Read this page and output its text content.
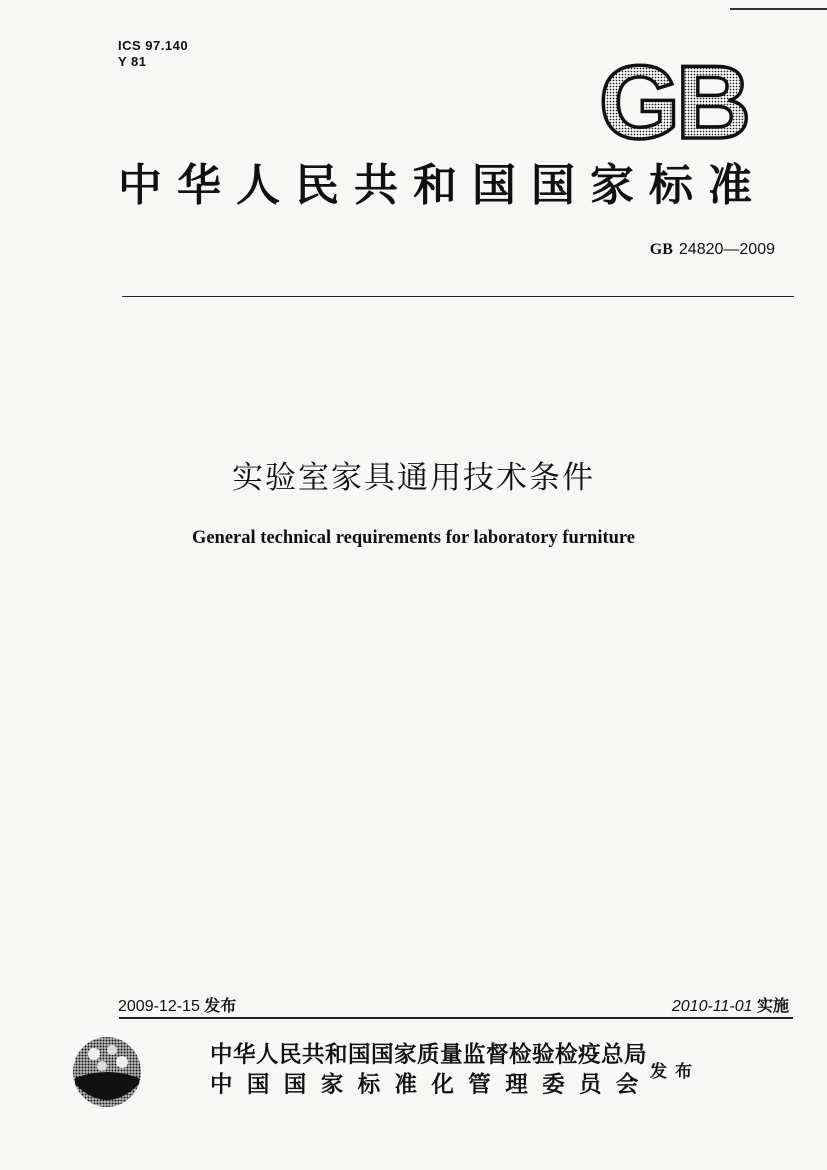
ICS 97.140
Y 81	GB
中华人民共和国国家标准
GB 24820—2009
实验室家具通用技术条件
General technical requirements for laboratory furniture
2009-12-15 发布	2010-11-01 实施
中华人民共和国国家质量监督检验检疫总局
中国国家标准化管理委员会
发布
